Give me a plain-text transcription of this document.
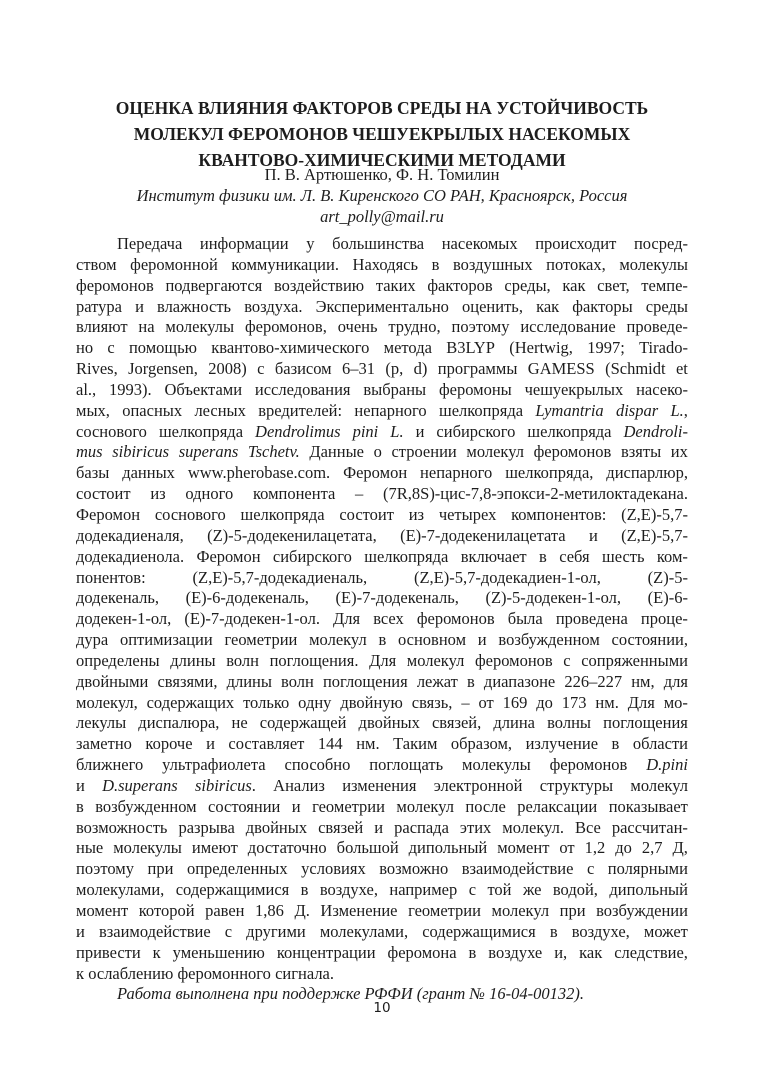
ОЦЕНКА ВЛИЯНИЯ ФАКТОРОВ СРЕДЫ НА УСТОЙЧИВОСТЬ
МОЛЕКУЛ ФЕРОМОНОВ ЧЕШУЕКРЫЛЫХ НАСЕКОМЫХ
КВАНТОВО-ХИМИЧЕСКИМИ МЕТОДАМИ
П. В. Артюшенко, Ф. Н. Томилин
Институт физики им. Л. В. Киренского СО РАН, Красноярск, Россия
art_polly@mail.ru
Передача информации у большинства насекомых происходит посред-
ством феромонной коммуникации. Находясь в воздушных потоках, молекулы
феромонов подвергаются воздействию таких факторов среды, как свет, темпе-
ратура и влажность воздуха. Экспериментально оценить, как факторы среды
влияют на молекулы феромонов, очень трудно, поэтому исследование проведе-
но с помощью квантово-химического метода B3LYP (Hertwig, 1997; Tirado-
Rives, Jorgensen, 2008) с базисом 6–31 (p, d) программы GAMESS (Schmidt et
al., 1993). Объектами исследования выбраны феромоны чешуекрылых насеко-
мых, опасных лесных вредителей: непарного шелкопряда Lymantria dispar L.,
соснового шелкопряда Dendrolimus pini L. и сибирского шелкопряда Dendroli-
mus sibiricus superans Tschetv. Данные о строении молекул феромонов взяты их
базы данных www.pherobase.com. Феромон непарного шелкопряда, диспарлюр,
состоит из одного компонента – (7R,8S)-цис-7,8-эпокси-2-метилоктадекана.
Феромон соснового шелкопряда состоит из четырех компонентов: (Z,E)-5,7-
додекадиеналя, (Z)-5-додекенилацетата, (E)-7-додекенилацетата и (Z,E)-5,7-
додекадиенола. Феромон сибирского шелкопряда включает в себя шесть ком-
понентов:	(Z,E)-5,7-додекадиеналь,	(Z,E)-5,7-додекадиен-1-ол,	(Z)-5-
додекеналь, (E)-6-додекеналь, (E)-7-додекеналь, (Z)-5-додекен-1-ол, (E)-6-
додекен-1-ол, (E)-7-додекен-1-ол. Для всех феромонов была проведена проце-
дура оптимизации геометрии молекул в основном и возбужденном состоянии,
определены длины волн поглощения. Для молекул феромонов с сопряженными
двойными связями, длины волн поглощения лежат в диапазоне 226–227 нм, для
молекул, содержащих только одну двойную связь, – от 169 до 173 нм. Для мо-
лекулы диспалюра, не содержащей двойных связей, длина волны поглощения
заметно короче и составляет 144 нм. Таким образом, излучение в области
ближнего ультрафиолета способно поглощать молекулы феромонов D.pini
и D.superans sibiricus. Анализ изменения электронной структуры молекул
в возбужденном состоянии и геометрии молекул после релаксации показывает
возможность разрыва двойных связей и распада этих молекул. Все рассчитан-
ные молекулы имеют достаточно большой дипольный момент от 1,2 до 2,7 Д,
поэтому при определенных условиях возможно взаимодействие с полярными
молекулами, содержащимися в воздухе, например с той же водой, дипольный
момент которой равен 1,86 Д. Изменение геометрии молекул при возбуждении
и взаимодействие с другими молекулами, содержащимися в воздухе, может
привести к уменьшению концентрации феромона в воздухе и, как следствие,
к ослаблению феромонного сигнала.
Работа выполнена при поддержке РФФИ (грант № 16-04-00132).
10
